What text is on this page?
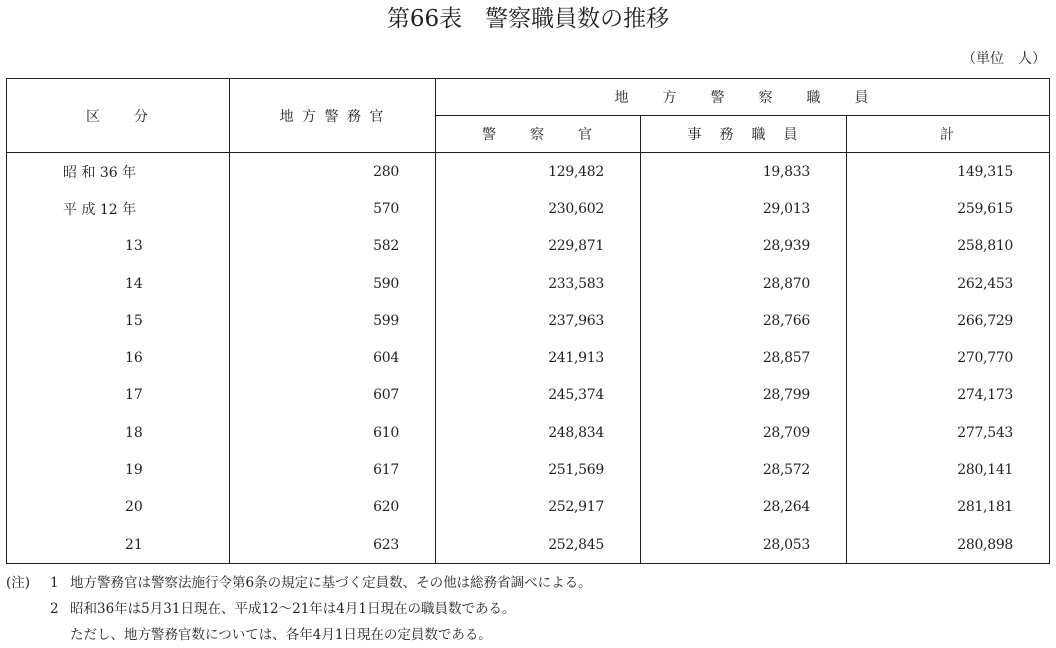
第66表　警察職員数の推移
（単位　人）
区　　分	地 方 警 務 官	地　　方　　警　　察　　職　　員		
		警　　察　　官	事　務　職　員	計
昭 和 36 年	280	129,482	19,833	149,315
平 成 12 年	570	230,602	29,013	259,615
13	582	229,871	28,939	258,810
14	590	233,583	28,870	262,453
15	599	237,963	28,766	266,729
16	604	241,913	28,857	270,770
17	607	245,374	28,799	274,173
18	610	248,834	28,709	277,543
19	617	251,569	28,572	280,141
20	620	252,917	28,264	281,181
21	623	252,845	28,053	280,898
(注)	1 地方警務官は警察法施行令第6条の規定に基づく定員数、その他は総務省調べによる。
2 昭和36年は5月31日現在、平成12～21年は4月1日現在の職員数である。
ただし、地方警務官数については、各年4月1日現在の定員数である。
